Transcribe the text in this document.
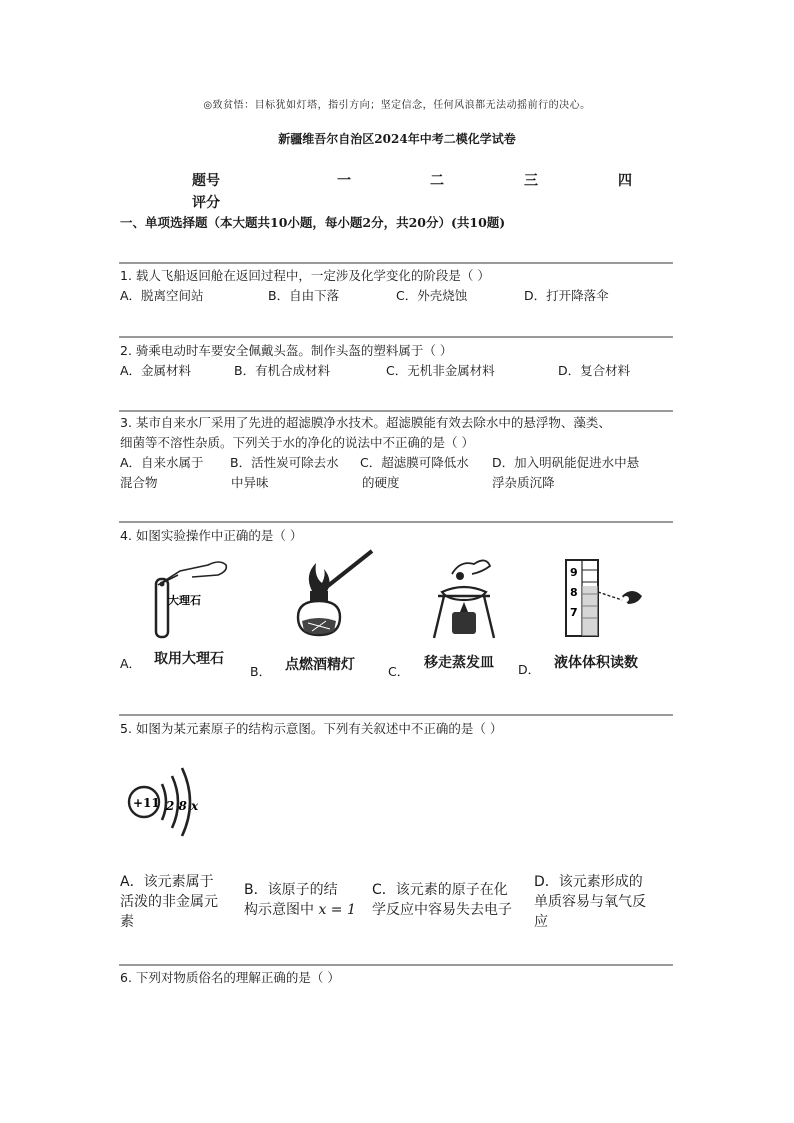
◎致贫悟：目标犹如灯塔，指引方向；坚定信念，任何风浪都无法动摇前行的决心。
新疆维吾尔自治区2024年中考二模化学试卷
题号	一	二	三	四
评分
一、单项选择题（本大题共10小题，每小题2分，共20分）(共10题)
1. 载人飞船返回舱在返回过程中，一定涉及化学变化的阶段是（ ）
A．脱离空间站	B．自由下落	C．外壳烧蚀	D．打开降落伞
2. 骑乘电动时车要安全佩戴头盔。制作头盔的塑料属于（ ）
A．金属材料	B．有机合成材料	C．无机非金属材料	D．复合材料
3. 某市自来水厂采用了先进的超滤膜净水技术。超滤膜能有效去除水中的悬浮物、藻类、
细菌等不溶性杂质。下列关于水的净化的说法中不正确的是（ ）
A．自来水属于
混合物
B．活性炭可除去水
中异味
C．超滤膜可降低水
的硬度
D．加入明矾能促进水中悬
浮杂质沉降
4. 如图实验操作中正确的是（ ）
大理石
A． 取用大理石
B． 点燃酒精灯	C．
移走蒸发皿
9
8
7
D． 液体体积读数
5. 如图为某元素原子的结构示意图。下列有关叙述中不正确的是（ ）
+11 2 8 x
A．该元素属于
活泼的非金属元
素
B．该原子的结
构示意图中 x = 1
C．该元素的原子在化
学反应中容易失去电子
D．该元素形成的
单质容易与氧气反
应
6. 下列对物质俗名的理解正确的是（ ）
